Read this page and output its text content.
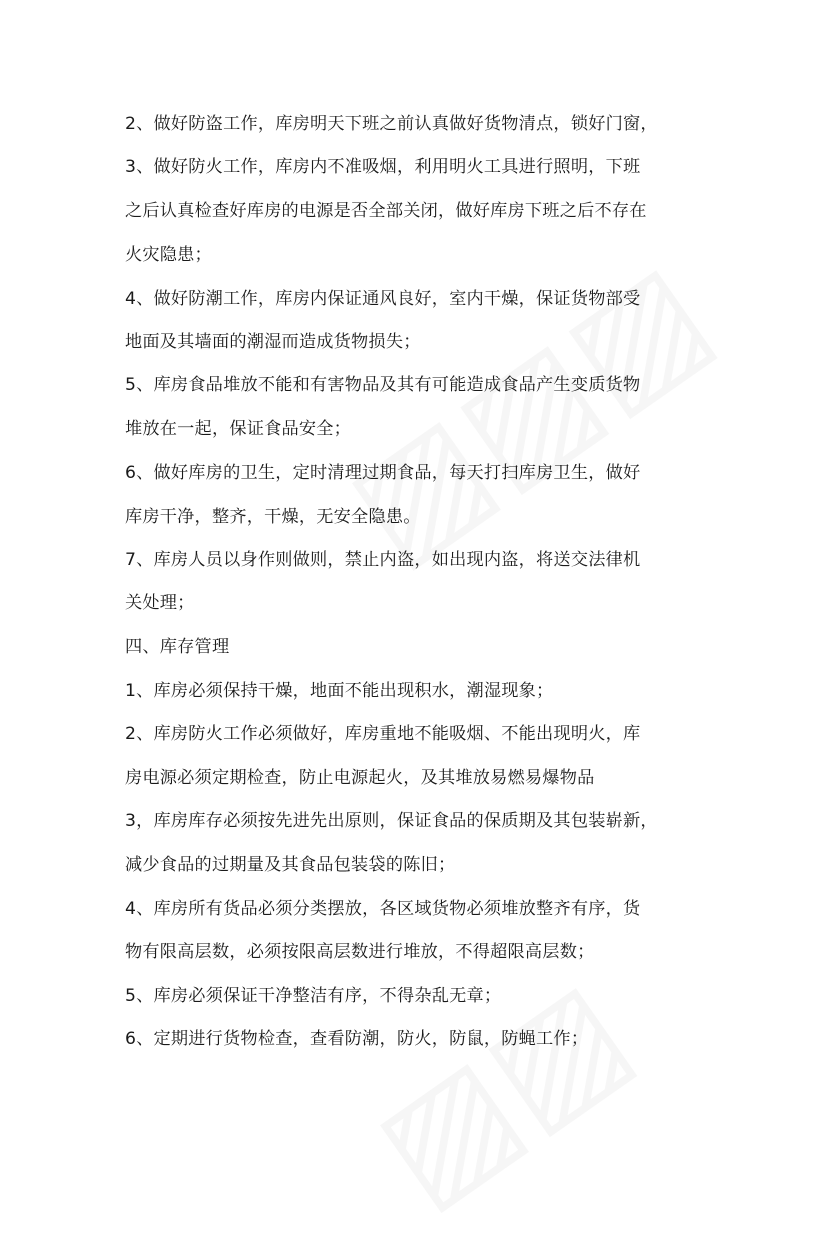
2、做好防盗工作，库房明天下班之前认真做好货物清点，锁好门窗，
3、做好防火工作，库房内不准吸烟，利用明火工具进行照明，下班
之后认真检查好库房的电源是否全部关闭，做好库房下班之后不存在
火灾隐患；
4、做好防潮工作，库房内保证通风良好，室内干燥，保证货物部受
地面及其墙面的潮湿而造成货物损失；
5、库房食品堆放不能和有害物品及其有可能造成食品产生变质货物
堆放在一起，保证食品安全；
6、做好库房的卫生，定时清理过期食品，每天打扫库房卫生，做好
库房干净，整齐，干燥，无安全隐患。
7、库房人员以身作则做则，禁止内盗，如出现内盗，将送交法律机
关处理；
四、库存管理
1、库房必须保持干燥，地面不能出现积水，潮湿现象；
2、库房防火工作必须做好，库房重地不能吸烟、不能出现明火，库
房电源必须定期检查，防止电源起火，及其堆放易燃易爆物品
3，库房库存必须按先进先出原则，保证食品的保质期及其包装崭新，
减少食品的过期量及其食品包装袋的陈旧；
4、库房所有货品必须分类摆放，各区域货物必须堆放整齐有序，货
物有限高层数，必须按限高层数进行堆放，不得超限高层数；
5、库房必须保证干净整洁有序，不得杂乱无章；
6、定期进行货物检查，查看防潮，防火，防鼠，防蝇工作；
